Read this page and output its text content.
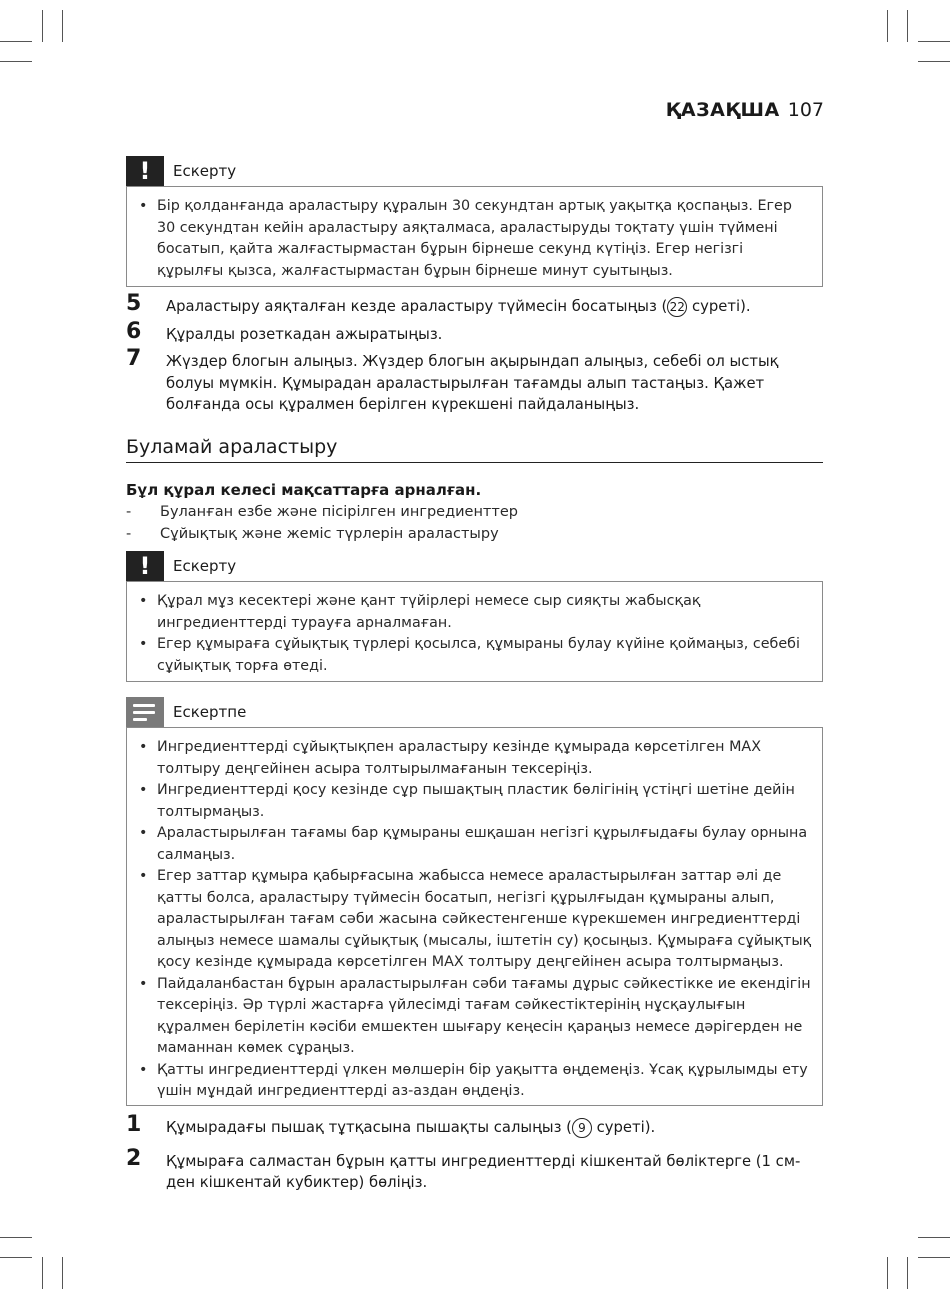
ҚАЗАҚША 107
!	Ескерту
• Бір қолданғанда араластыру құралын 30 секундтан артық уақытқа қоспаңыз. Егер 30 секундтан кейін араластыру аяқталмаса, араластыруды тоқтату үшін түймені босатып, қайта жалғастырмастан бұрын бірнеше секунд күтіңіз. Егер негізгі құрылғы қызса, жалғастырмастан бұрын бірнеше минут суытыңыз.
5 Араластыру аяқталған кезде араластыру түймесін босатыңыз ( 22 суреті).
6 Құралды розеткадан ажыратыңыз.
7 Жүздер блогын алыңыз. Жүздер блогын ақырындап алыңыз, себебі ол ыстық болуы мүмкін. Құмырадан араластырылған тағамды алып тастаңыз. Қажет болғанда осы құралмен берілген күрекшені пайдаланыңыз.
Буламай араластыру
Бұл құрал келесі мақсаттарға арналған.
- Буланған езбе және пісірілген ингредиенттер
- Сұйықтық және жеміс түрлерін араластыру
!	Ескерту
• Құрал мұз кесектері және қант түйірлері немесе сыр сияқты жабысқақ ингредиенттерді турауға арналмаған.
• Егер құмыраға сұйықтық түрлері қосылса, құмыраны булау күйіне қоймаңыз, себебі сұйықтық торға өтеді.
Ескертпе
• Ингредиенттерді сұйықтықпен араластыру кезінде құмырада көрсетілген MAX толтыру деңгейінен асыра толтырылмағанын тексеріңіз.
• Ингредиенттерді қосу кезінде сұр пышақтың пластик бөлігінің үстіңгі шетіне дейін толтырмаңыз.
• Араластырылған тағамы бар құмыраны ешқашан негізгі құрылғыдағы булау орнына салмаңыз.
• Егер заттар құмыра қабырғасына жабысса немесе араластырылған заттар әлі де қатты болса, араластыру түймесін босатып, негізгі құрылғыдан құмыраны алып, араластырылған тағам сәби жасына сәйкестенгенше күрекшемен ингредиенттерді алыңыз немесе шамалы сұйықтық (мысалы, іштетін су) қосыңыз. Құмыраға сұйықтық қосу кезінде құмырада көрсетілген MAX толтыру деңгейінен асыра толтырмаңыз.
• Пайдаланбастан бұрын араластырылған сәби тағамы дұрыс сәйкестікке ие екендігін тексеріңіз. Әр түрлі жастарға үйлесімді тағам сәйкестіктерінің нұсқаулығын құралмен берілетін кәсіби емшектен шығару кеңесін қараңыз немесе дәрігерден не маманнан көмек сұраңыз.
• Қатты ингредиенттерді үлкен мөлшерін бір уақытта өңдемеңіз. Ұсақ құрылымды ету үшін мұндай ингредиенттерді аз-аздан өңдеңіз.
1 Құмырадағы пышақ тұтқасына пышақты салыңыз ( 9 суреті).
2 Құмыраға салмастан бұрын қатты ингредиенттерді кішкентай бөліктерге (1 см-ден кішкентай кубиктер) бөліңіз.
